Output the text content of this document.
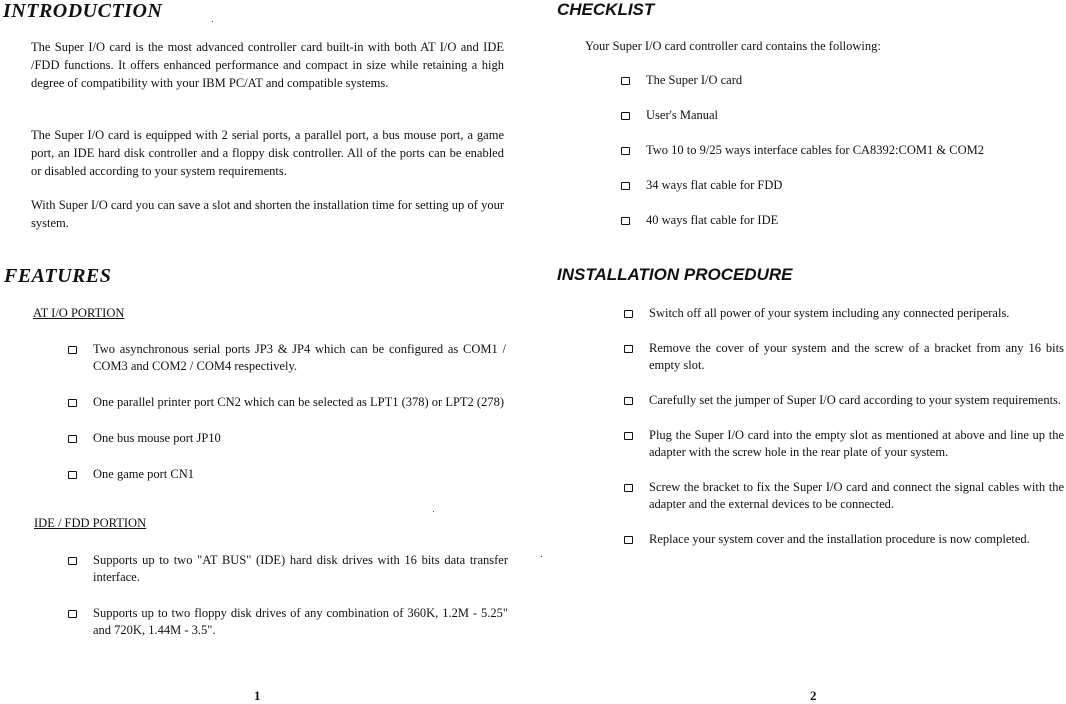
INTRODUCTION

The Super I/O card is the most advanced controller card built-in with both AT I/O and IDE /FDD functions. It offers enhanced performance and compact in size while retaining a high degree of compatibility with your IBM PC/AT and compatible systems.

The Super I/O card is equipped with 2 serial ports, a parallel port, a bus mouse port, a game port, an IDE hard disk controller and a floppy disk controller. All of the ports can be enabled or disabled according to your system requirements.

With Super I/O card you can save a slot and shorten the installation time for setting up of your system.

FEATURES

AT I/O PORTION

Two asynchronous serial ports JP3 & JP4 which can be configured as COM1 / COM3 and COM2 / COM4 respectively.
One parallel printer port CN2 which can be selected as LPT1 (378) or LPT2 (278)
One bus mouse port JP10
One game port CN1

IDE / FDD PORTION

Supports up to two "AT BUS" (IDE) hard disk drives with 16 bits data transfer interface.
Supports up to two floppy disk drives of any combination of 360K, 1.2M - 5.25" and 720K, 1.44M - 3.5".
1
CHECKLIST

Your Super I/O card controller card contains the following:

The Super I/O card
User's Manual
Two 10 to 9/25 ways interface cables for CA8392:COM1 & COM2
34 ways flat cable for FDD
40 ways flat cable for IDE
INSTALLATION PROCEDURE
Switch off all power of your system including any connected periperals.
Remove the cover of your system and the screw of a bracket from any 16 bits empty slot.
Carefully set the jumper of Super I/O card according to your system requirements.
Plug the Super I/O card into the empty slot as mentioned at above and line up the adapter with the screw hole in the rear plate of your system.
Screw the bracket to fix the Super I/O card and connect the signal cables with the adapter and the external devices to be connected.
Replace your system cover and the installation procedure is now completed.
2
